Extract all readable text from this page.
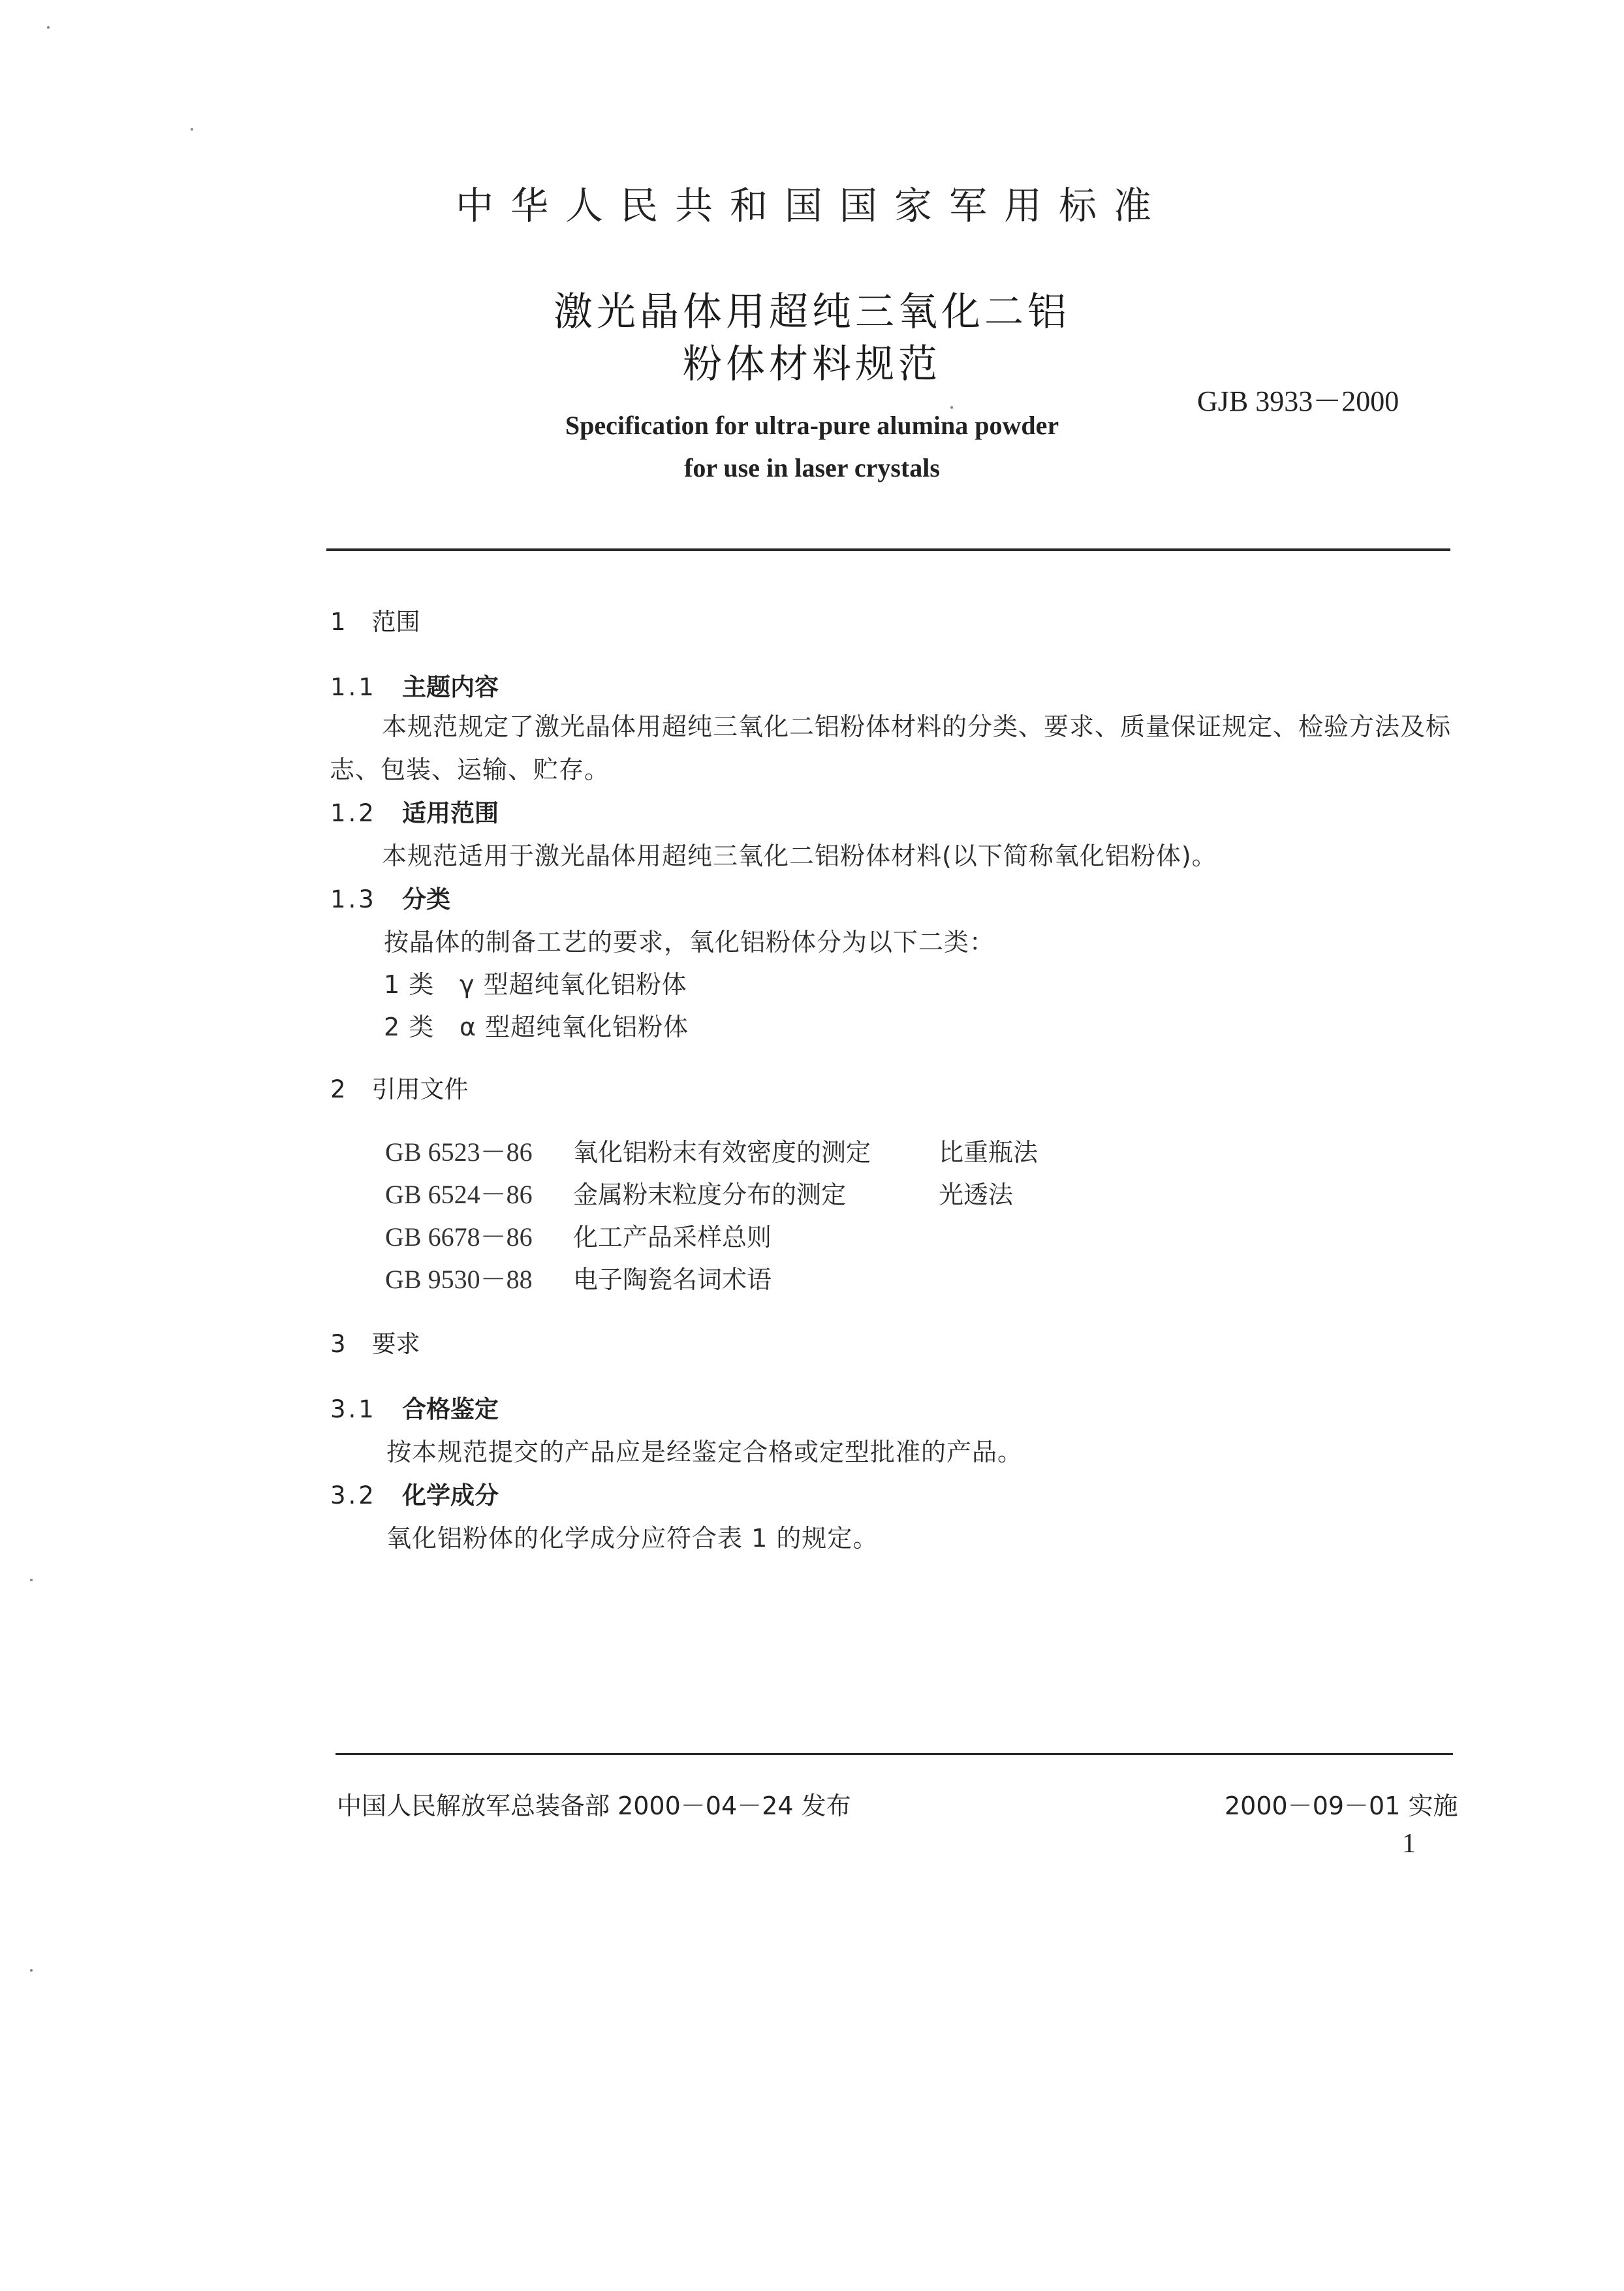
中华人民共和国国家军用标准
激光晶体用超纯三氧化二铝
粉体材料规范
GJB 3933－2000
Specification for ultra-pure alumina powder
for use in laser crystals
1 范围
1.1 主题内容
本规范规定了激光晶体用超纯三氧化二铝粉体材料的分类、要求、质量保证规定、检验方法及标志、包装、运输、贮存。
1.2 适用范围
本规范适用于激光晶体用超纯三氧化二铝粉体材料(以下简称氧化铝粉体)。
1.3 分类
按晶体的制备工艺的要求，氧化铝粉体分为以下二类：
1 类 γ 型超纯氧化铝粉体
2 类 α 型超纯氧化铝粉体
2 引用文件
GB 6523－86 氧化铝粉末有效密度的测定	比重瓶法
GB 6524－86 金属粉末粒度分布的测定	光透法
GB 6678－86 化工产品采样总则
GB 9530－88 电子陶瓷名词术语
3 要求
3.1 合格鉴定
按本规范提交的产品应是经鉴定合格或定型批准的产品。
3.2 化学成分
氧化铝粉体的化学成分应符合表 1 的规定。
中国人民解放军总装备部 2000－04－24 发布	2000－09－01 实施
1
